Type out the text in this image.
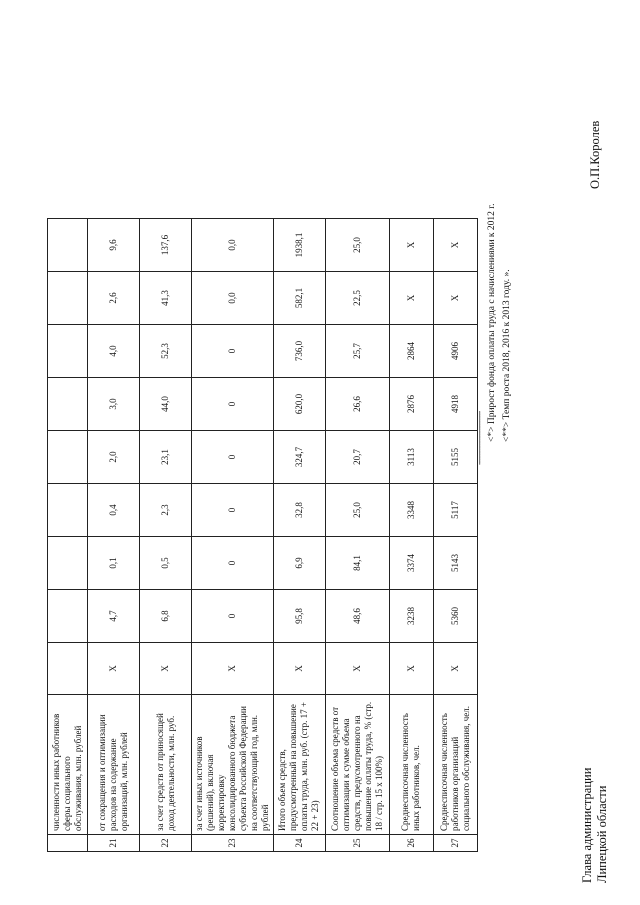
	численности иных работников сферы социального обслуживания, млн. рублей									
21	от сокращения и оптимизации расходов на содержание организаций, млн. рублей	X	4,7	0,1	0,4	2,0	3,0	4,0	2,6	9,6
22	за счет средств от приносящей доход деятельности, млн. руб.	X	6,8	0,5	2,3	23,1	44,0	52,3	41,3	137,6
23	за счет иных источников (решений), включая корректировку консолидированного бюджета субъекта Российской Федерации на соответствующий год, млн. рублей	X	0	0	0	0	0	0	0,0	0,0
24	Итого объем средств, предусмотренный на повышение оплаты труда, млн. руб. (стр. 17 + 22 + 23)	X	95,8	6,9	32,8	324,7	620,0	736,0	582,1	1938,1
25	Соотношение объема средств от оптимизации к сумме объема средств, предусмотренного на повышение оплаты труда, % (стр. 18 / стр. 15 х 100%)	X	48,6	84,1	25,0	20,7	26,6	25,7	22,5	25,0
26	Среднесписочная численность иных работников, чел.	X	3238	3374	3348	3113	2876	2864	X	X
27	Среднесписочная численность работников организаций социального обслуживания, чел.	X	5360	5143	5117	5155	4918	4906	X	X
-------------------------------- <*> Прирост фонда оплаты труда с начислениями к 2012 г. <**> Темп роста 2018, 2016 к 2013 году. ».
Глава администрации Липецкой области
О.П.Королев
